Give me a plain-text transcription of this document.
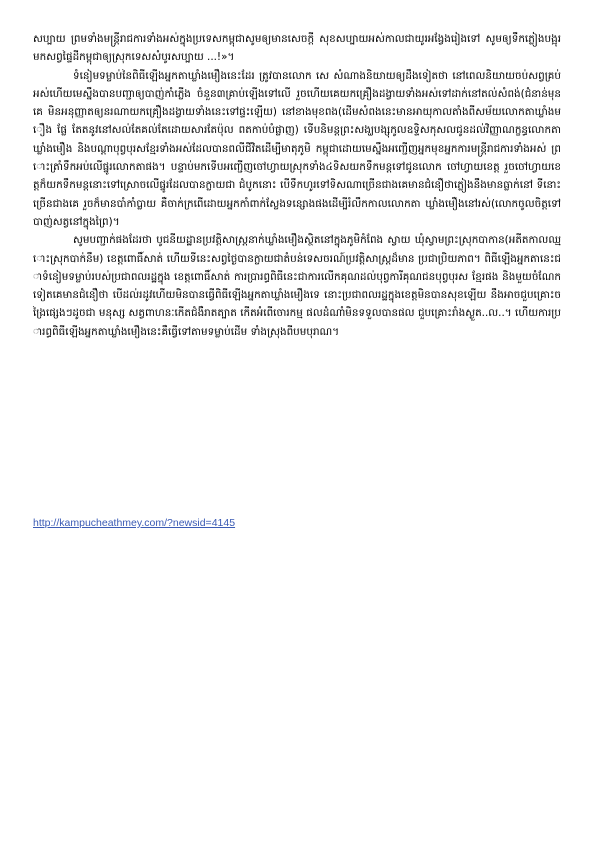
សប្បាយ ព្រមទាំងមន្ត្រីរាជការទាំងអស់ក្នុងប្រទេសកម្ពុជាសូមឲ្យមានសេចក្តី សុខសប្បាយអស់កាលជាយូរអង្វែងរៀងទៅ សូមឲ្យទឹកភ្លៀងបង្អុរមកសព្វផ្ទៃដីកម្ពុជាឲ្យស្រុកទេសសំបូរសប្បាយ ...!»។

ទំនៀមទម្លាប់នៃពិធីឡើងអ្នកតាឃ្លាំងមឿងនេះដែរ ត្រូវបានលោក សេ សំណាងនិយាយឲ្យដឹងទៀតថា នៅពេលនិយាយចប់សព្វគ្រប់អស់ហើយមេស្នឹងបានបញ្ជាឲ្យបាញ់កាំភ្លើង ចំនួន៣គ្រាប់ឡើងទៅលើ រួចហើយគេយកគ្រឿងដង្វាយទាំងអស់ទៅដាក់នៅតល់សំពង់(ជំនាន់មុនគេ មិនអនុញ្ញាតឲ្យនរណាយកគ្រឿងដង្វាយទាំងនេះទៅផ្ទះឡើយ) នៅខាងមុខពង(ដើមសំពងនេះមានអាយុកាលតាំងពីសម័យលោកតាឃ្លាំងមឿង ផ្លែ តែតនូវនៅសល់តែគល់តែដោយសារតែប៉ុល ពតកាប់បំផ្លាញ) ទើបនិមន្តព្រះសង្ឃបង្សុកូលឧទ្ទិសកុសលជូនដល់វិញ្ញាណក្ខន្ធលោកតាឃ្លាំងមឿង និងបណ្ដាបុព្វបុរសខ្មែរទាំងអស់ដែលបានពលីជីវិតដើម្បីមាតុភូមិ កម្ពុជាដោយមេស្នឹងអញ្ជើញអ្នកមុខអ្នកការមន្ត្រីរាជការទាំងអស់ ព្រោះត្រាំទឹកអប់លើផ្នូរលោកតាផង។ បន្ទាប់មកទើបអញ្ជើញចៅហ្វាយស្រុកទាំង៤ទិសយកទឹកមន្តទៅជូនលោក ចៅហ្វាយខេត្ត រួចចៅហ្វាយខេត្តក៏យកទឹកមន្តនោះទៅស្រោចលើផ្នូរដែលបានក្លាយជា ជំបូកនោះ បើទឹកហូរទៅទិសណាច្រើនជាងគេមានជំនឿថាភ្លៀងនឹងមានធ្លាក់នៅ ទីនោះច្រើនជាងគេ រួចក៏មានបាំកាំប្លាយ គឺចាក់ក្រពើដោយអ្នកកាំពាក់ស្លែងទន្សោងផងដើម្បីរំលឹកកាលលោកតា ឃ្លាំងមឿងនៅរស់(លោកចូលចិត្តទៅបាញ់សត្វនៅក្នុងព្រៃ)។

សូមបញ្ជាក់ផងដែរថា បូជនីយដ្ឋានប្រវត្តិសាស្ត្រនាក់ឃ្លាំងមឿងស្ថិតនៅក្នុងភូមិកំពែង ស្វាយ ឃុំស្វាមព្រះស្រុកបាកាន(អតីតកាលឈ្មោះស្រុកបាក់នឹម) ខេត្តពោធិ៍សាត់ ហើយទីនេះសព្វថ្ងៃបានក្លាយជាតំបន់ទេសចរណ៍ប្រវត្តិសាស្ត្រដ៏មាន ប្រជាប្រិយភាព។ ពិធីឡើងអ្នកតានេះជាទំនៀមទម្លាប់របស់ប្រជាពលរដ្ឋក្នុង ខេត្តពោធិ៍សាត់ ការប្រារព្ធពិធីនេះជាការលើកគុណដល់បុព្វការីគុណជនបុព្វបុរស ខ្មែរផង និងមួយចំណែកទៀតគេមានជំនឿថា បើដល់រដូវហើយមិនបានធ្វើពិធីឡើងអ្នកតាឃ្លាំងមឿងទេ នោះប្រជាពលរដ្ឋក្នុងខេត្តមិនបានសុខឡើយ នឹងអាចជួបគ្រោះចង្រៃផ្សេងៗដូចជា មនុស្ស សត្វពាហនៈកើតជំងឺរាតត្បាត កើតអំពើចោរកម្ម ផលដំណាំមិនទទួលបានផល ជួបគ្រោះរាំងស្ងួត..ល..។ ហើយការប្រារព្ធពិធីឡើងអ្នកតាឃ្លាំងមឿងនេះគឺធ្វើទៅតាមទម្លាប់ដើម ទាំងស្រុងពីបមបុរាណ។

http://kampucheathmey.com/?newsid=4145
